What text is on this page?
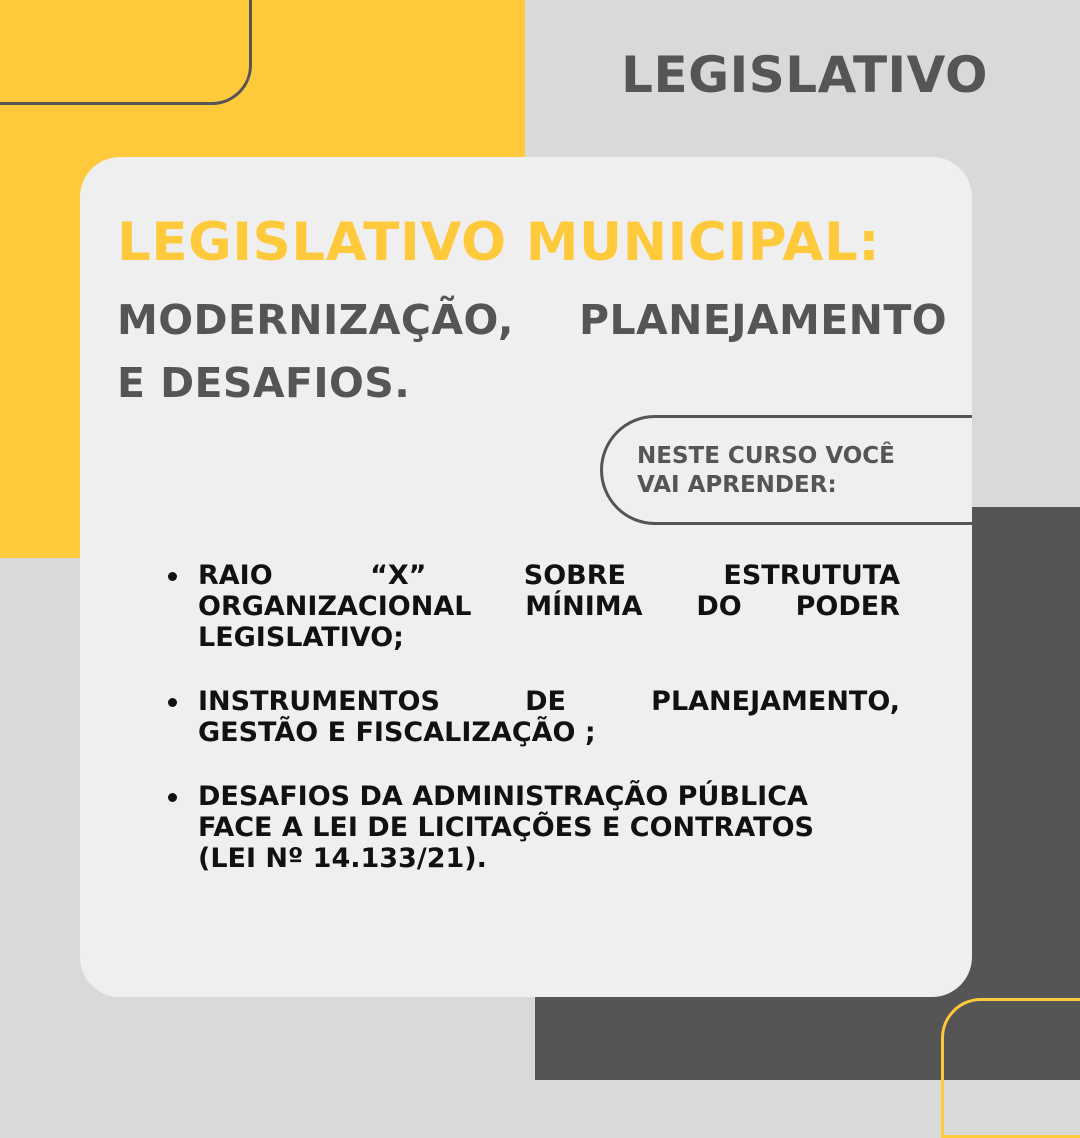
LEGISLATIVO
LEGISLATIVO MUNICIPAL:
MODERNIZAÇÃO, PLANEJAMENTO
E DESAFIOS.
NESTE CURSO VOCÊ
VAI APRENDER:
RAIO	“X”	SOBRE	ESTRUTUTA
ORGANIZACIONAL MÍNIMA DO PODER
LEGISLATIVO;
INSTRUMENTOS	DE	PLANEJAMENTO,
GESTÃO E FISCALIZAÇÃO ;
DESAFIOS DA ADMINISTRAÇÃO PÚBLICA
FACE A LEI DE LICITAÇÕES E CONTRATOS
(LEI Nº 14.133/21).
